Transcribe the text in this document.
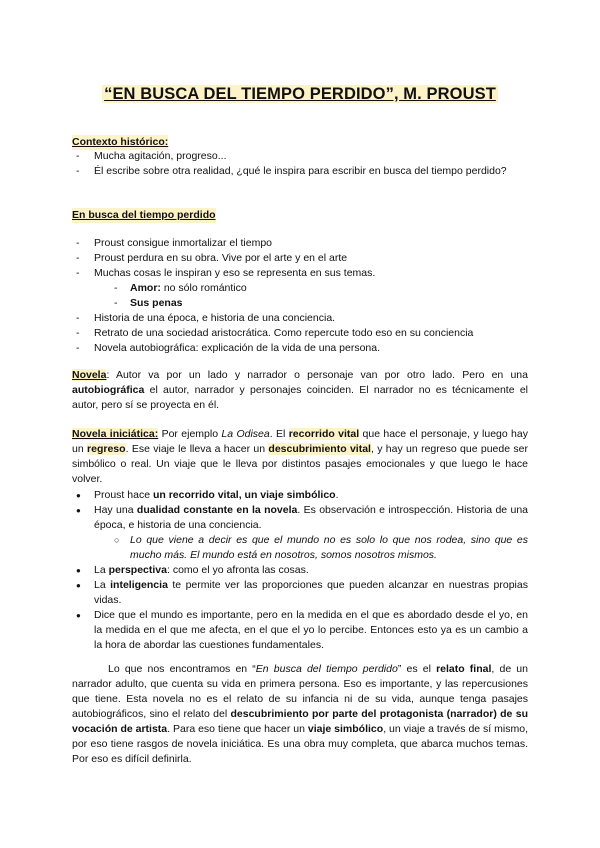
“EN BUSCA DEL TIEMPO PERDIDO”, M. PROUST
Contexto histórico:
- Mucha agitación, progreso...
- Él escribe sobre otra realidad, ¿qué le inspira para escribir en busca del tiempo perdido?
En busca del tiempo perdido
- Proust consigue inmortalizar el tiempo
- Proust perdura en su obra. Vive por el arte y en el arte
- Muchas cosas le inspiran y eso se representa en sus temas.
- Amor: no sólo romántico
- Sus penas
- Historia de una época, e historia de una conciencia.
- Retrato de una sociedad aristocrática. Como repercute todo eso en su conciencia
- Novela autobiográfica: explicación de la vida de una persona.

Novela: Autor va por un lado y narrador o personaje van por otro lado. Pero en una autobiográfica el autor, narrador y personajes coinciden. El narrador no es técnicamente el autor, pero sí se proyecta en él.

Novela iniciática: Por ejemplo La Odisea. El recorrido vital que hace el personaje, y luego hay un regreso. Ese viaje le lleva a hacer un descubrimiento vital, y hay un regreso que puede ser simbólico o real. Un viaje que le lleva por distintos pasajes emocionales y que luego le hace volver.

● Proust hace un recorrido vital, un viaje simbólico.
● Hay una dualidad constante en la novela. Es observación e introspección. Historia de una época, e historia de una conciencia.
○ Lo que viene a decir es que el mundo no es solo lo que nos rodea, sino que es mucho más. El mundo está en nosotros, somos nosotros mismos.
● La perspectiva: como el yo afronta las cosas.
● La inteligencia te permite ver las proporciones que pueden alcanzar en nuestras propias vidas.
● Dice que el mundo es importante, pero en la medida en el que es abordado desde el yo, en la medida en el que me afecta, en el que el yo lo percibe. Entonces esto ya es un cambio a la hora de abordar las cuestiones fundamentales.

Lo que nos encontramos en “En busca del tiempo perdido” es el relato final, de un narrador adulto, que cuenta su vida en primera persona. Eso es importante, y las repercusiones que tiene. Esta novela no es el relato de su infancia ni de su vida, aunque tenga pasajes autobiográficos, sino el relato del descubrimiento por parte del protagonista (narrador) de su vocación de artista. Para eso tiene que hacer un viaje simbólico, un viaje a través de sí mismo, por eso tiene rasgos de novela iniciática. Es una obra muy completa, que abarca muchos temas. Por eso es difícil definirla.
